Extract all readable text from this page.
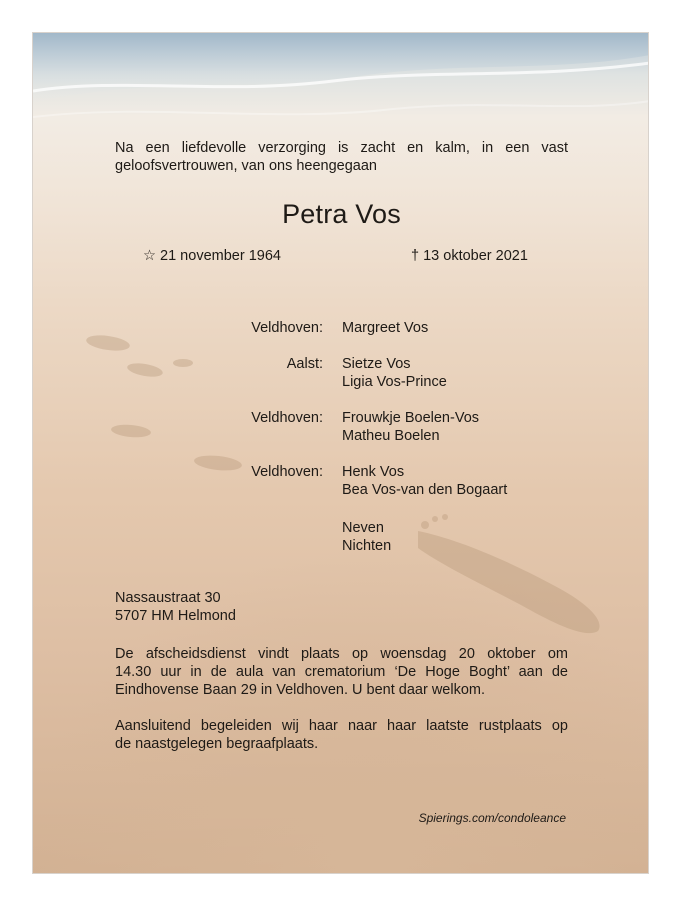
Na een liefdevolle verzorging is zacht en kalm, in een vast
geloofsvertrouwen, van ons heengegaan
Petra Vos
☆ 21 november 1964	† 13 oktober 2021
Veldhoven: Margreet Vos
Aalst: Sietze Vos
Ligia Vos-Prince
Veldhoven: Frouwkje Boelen-Vos
Matheu Boelen
Veldhoven: Henk Vos
Bea Vos-van den Bogaart
Neven
Nichten
Nassaustraat 30
5707 HM Helmond
De afscheidsdienst vindt plaats op woensdag 20 oktober om
14.30 uur in de aula van crematorium ‘De Hoge Boght’ aan de
Eindhovense Baan 29 in Veldhoven. U bent daar welkom.
Aansluitend begeleiden wij haar naar haar laatste rustplaats op
de naastgelegen begraafplaats.
Spierings.com/condoleance
